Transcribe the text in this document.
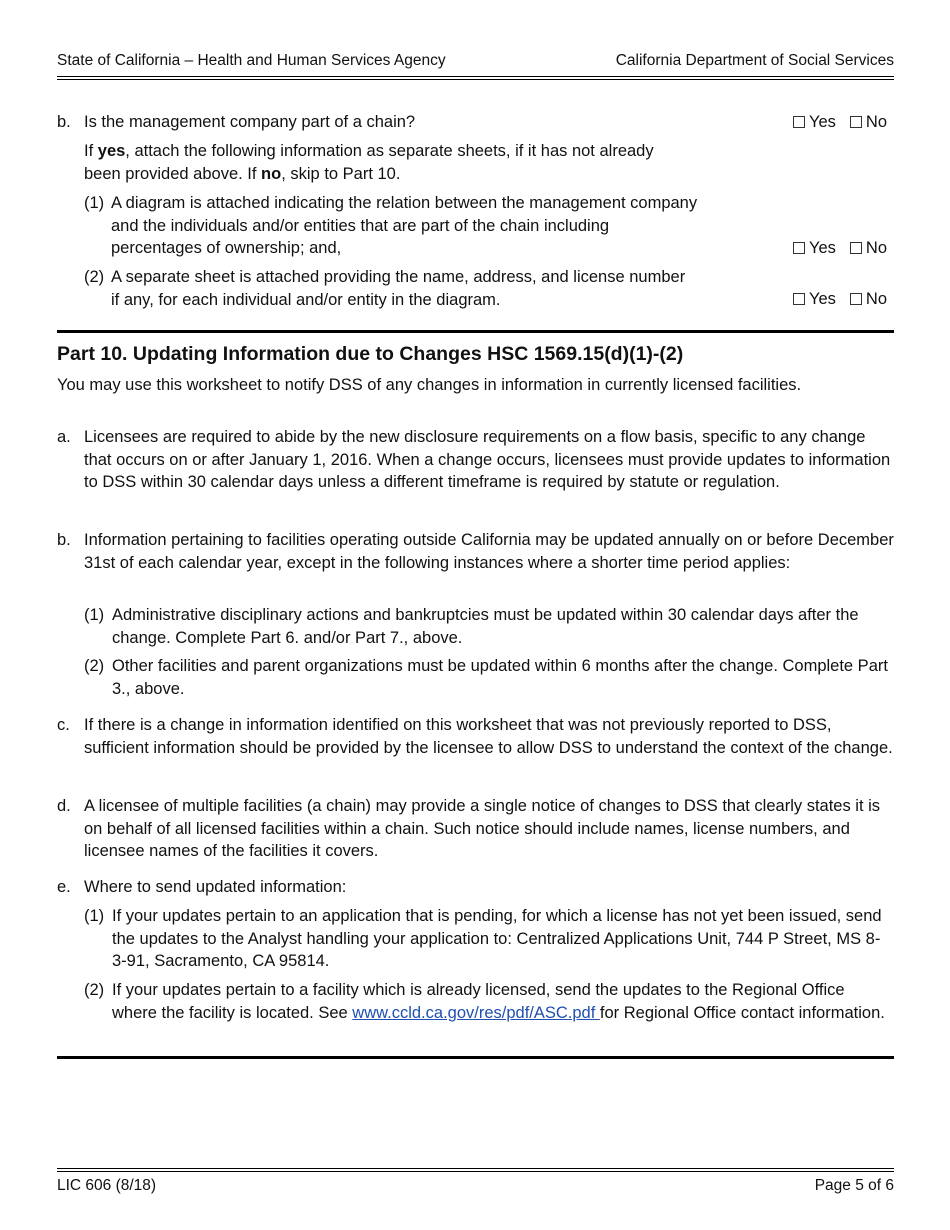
State of California – Health and Human Services Agency	California Department of Social Services
b. Is the management company part of a chain?	Yes No
If yes, attach the following information as separate sheets, if it has not already
been provided above. If no, skip to Part 10.
(1) A diagram is attached indicating the relation between the management company
and the individuals and/or entities that are part of the chain including
percentages of ownership; and,	Yes No
(2) A separate sheet is attached providing the name, address, and license number
if any, for each individual and/or entity in the diagram.	Yes No
Part 10. Updating Information due to Changes HSC 1569.15(d)(1)-(2)
You may use this worksheet to notify DSS of any changes in information in currently licensed facilities.
a. Licensees are required to abide by the new disclosure requirements on a flow basis, specific to any change that occurs on or after January 1, 2016. When a change occurs, licensees must provide updates to information to DSS within 30 calendar days unless a different timeframe is required by statute or regulation.
b. Information pertaining to facilities operating outside California may be updated annually on or before December 31st of each calendar year, except in the following instances where a shorter time period applies:
(1) Administrative disciplinary actions and bankruptcies must be updated within 30 calendar days after the change. Complete Part 6. and/or Part 7., above.
(2) Other facilities and parent organizations must be updated within 6 months after the change. Complete Part 3., above.
c. If there is a change in information identified on this worksheet that was not previously reported to DSS, sufficient information should be provided by the licensee to allow DSS to understand the context of the change.
d. A licensee of multiple facilities (a chain) may provide a single notice of changes to DSS that clearly states it is on behalf of all licensed facilities within a chain. Such notice should include names, license numbers, and licensee names of the facilities it covers.
e. Where to send updated information:
(1) If your updates pertain to an application that is pending, for which a license has not yet been issued, send the updates to the Analyst handling your application to: Centralized Applications Unit, 744 P Street, MS 8-3-91, Sacramento, CA 95814.
(2) If your updates pertain to a facility which is already licensed, send the updates to the Regional Office where the facility is located. See www.ccld.ca.gov/res/pdf/ASC.pdf for Regional Office contact information.
LIC 606 (8/18)	Page 5 of 6
